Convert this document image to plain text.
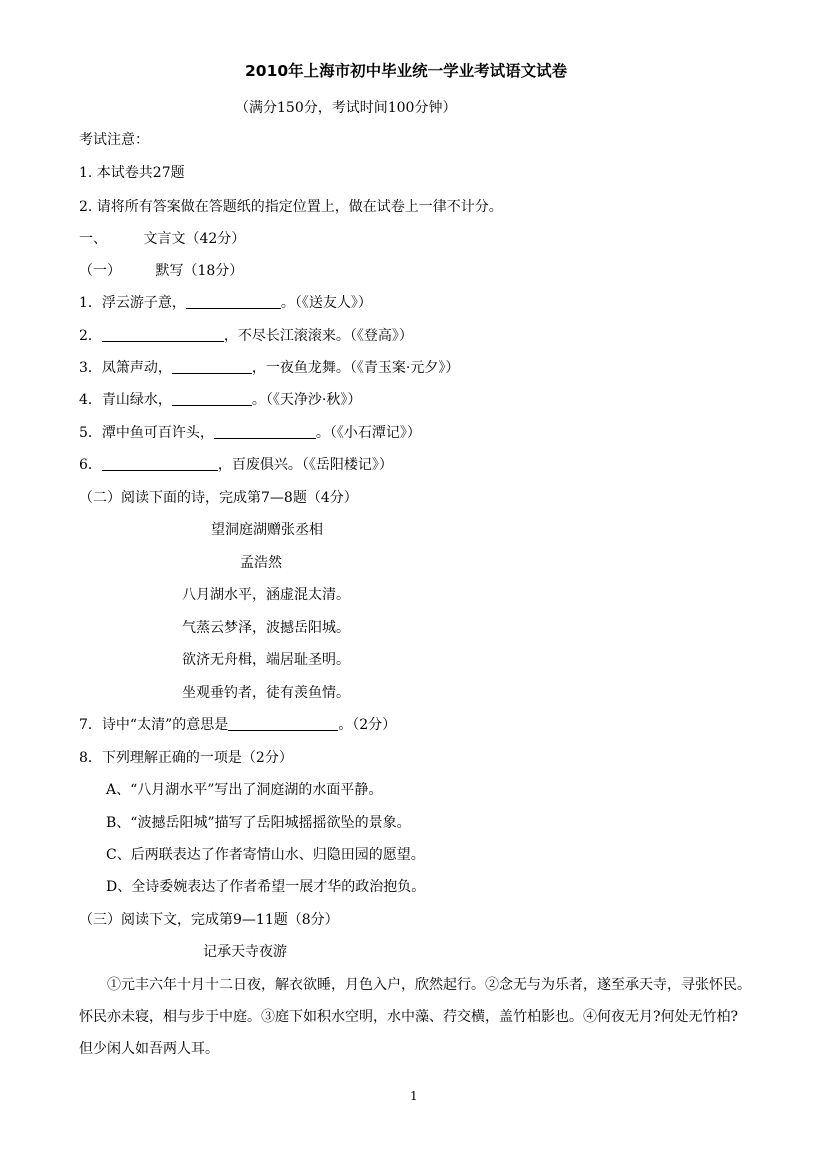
2010年上海市初中毕业统一学业考试语文试卷
（满分150分，考试时间100分钟）
考试注意：
1. 本试卷共27题
2. 请将所有答案做在答题纸的指定位置上，做在试卷上一律不计分。
一、	文言文（42分）
（一） 默写（18分）
1．浮云游子意，	。（《送友人》）
2．	，不尽长江滚滚来。（《登高》）
3．凤箫声动，	，一夜鱼龙舞。（《青玉案·元夕》）
4．青山绿水，	。（《天净沙·秋》）
5．潭中鱼可百许头，	。（《小石潭记》）
6．	，百废俱兴。（《岳阳楼记》）
（二）阅读下面的诗，完成第7—8题（4分）
望洞庭湖赠张丞相
孟浩然
八月湖水平，涵虚混太清。
气蒸云梦泽，波撼岳阳城。
欲济无舟楫，端居耻圣明。
坐观垂钓者，徒有羡鱼情。
7．诗中“太清”的意思是	。（2分）
8．下列理解正确的一项是（2分）
A、“八月湖水平”写出了洞庭湖的水面平静。
B、“波撼岳阳城”描写了岳阳城摇摇欲坠的景象。
C、后两联表达了作者寄情山水、归隐田园的愿望。
D、全诗委婉表达了作者希望一展才华的政治抱负。
（三）阅读下文，完成第9—11题（8分）
记承天寺夜游
①元丰六年十月十二日夜，解衣欲睡，月色入户，欣然起行。②念无与为乐者，遂至承天寺，寻张怀民。怀民亦未寝，相与步于中庭。③庭下如积水空明，水中藻、荇交横，盖竹柏影也。④何夜无月?何处无竹柏?但少闲人如吾两人耳。
1
